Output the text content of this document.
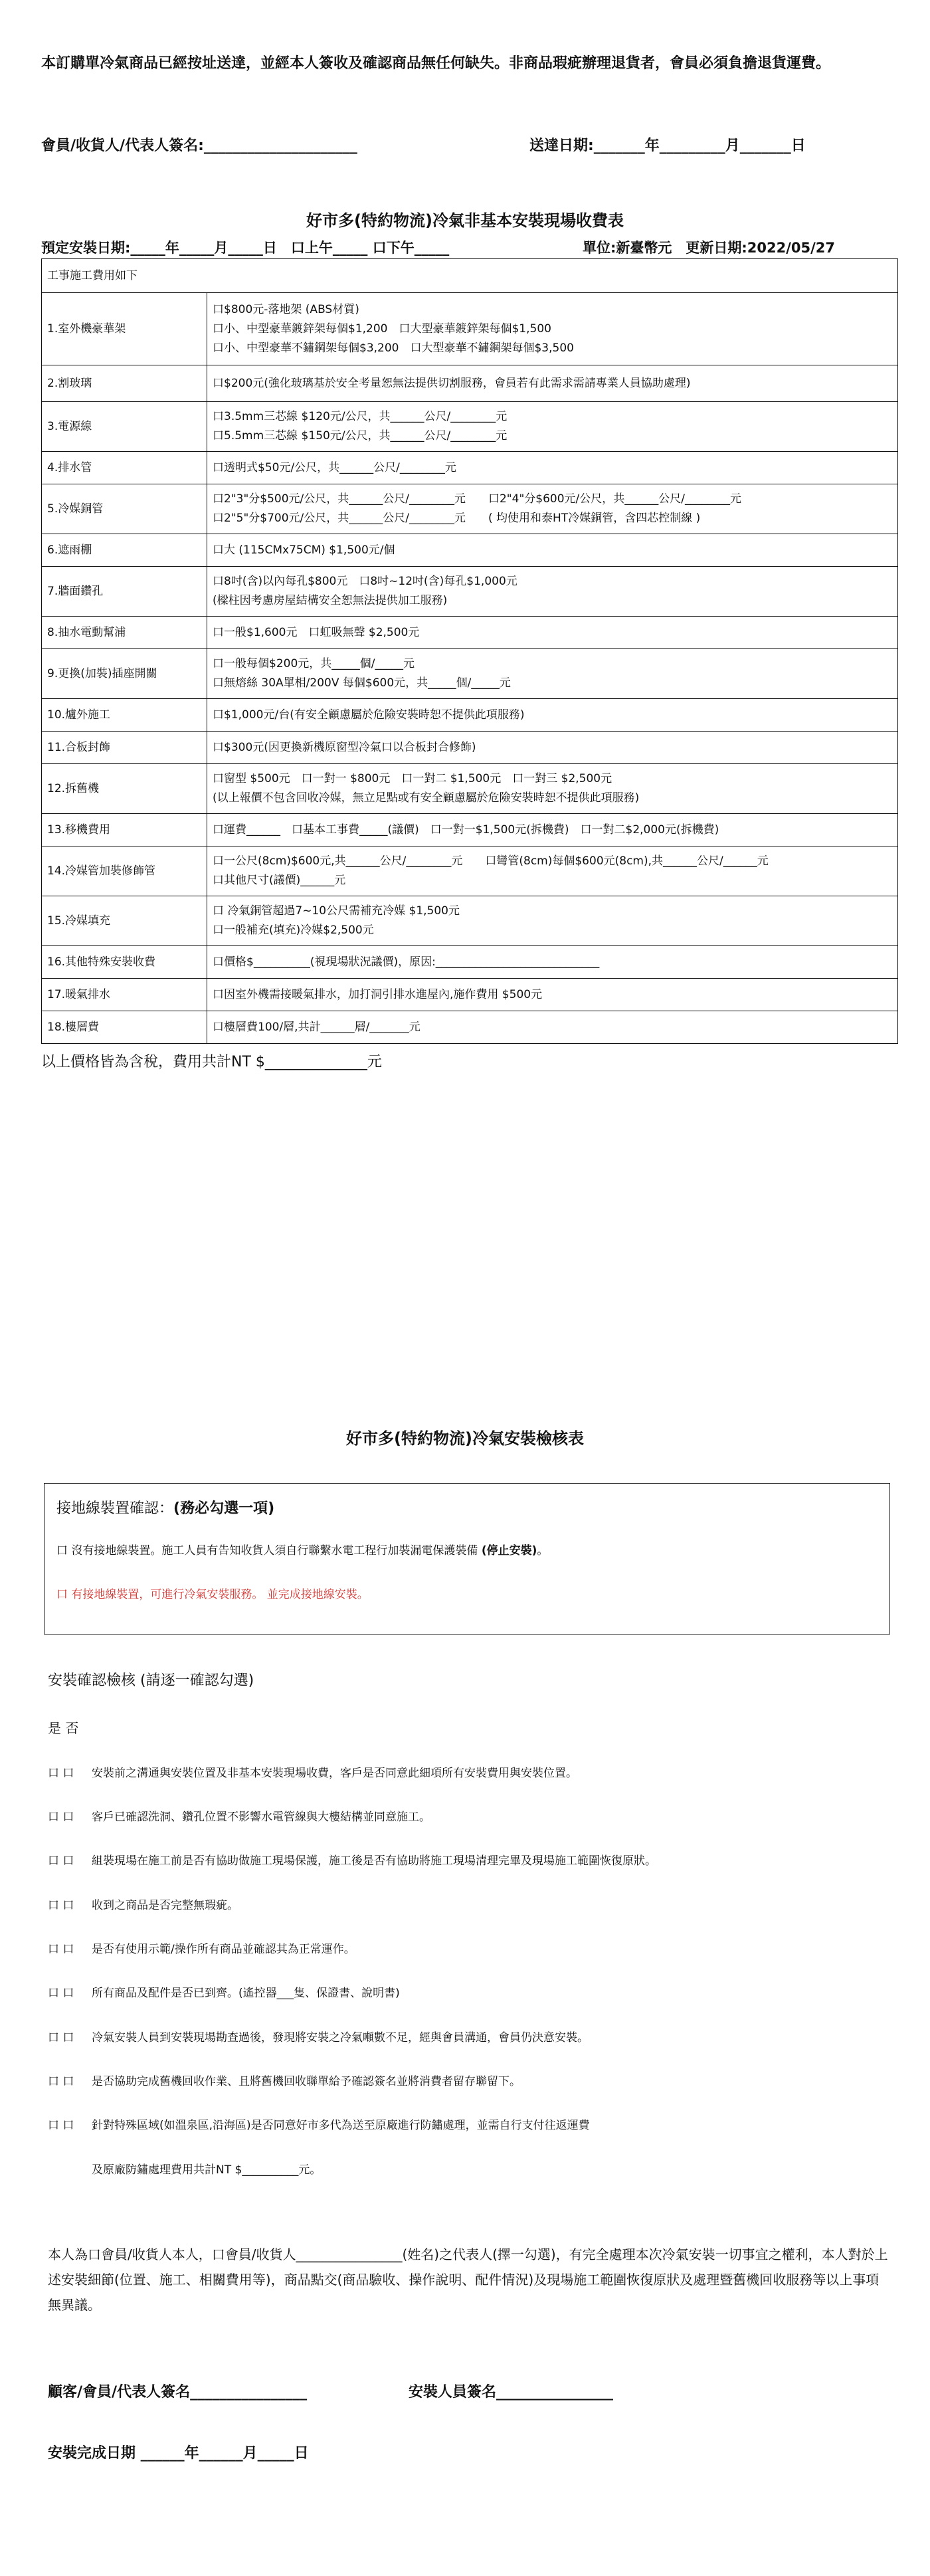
本訂購單冷氣商品已經按址送達，並經本人簽收及確認商品無任何缺失。非商品瑕疵辦理退貨者，會員必須負擔退貨運費。
會員/收貨人/代表人簽名:_____________________	送達日期:_______年_________月_______日
好市多(特約物流)冷氣非基本安裝現場收費表
預定安裝日期:_____年_____月_____日　口上午_____ 口下午_____	單位:新臺幣元　更新日期:2022/05/27
工事施工費用如下	
1.室外機豪華架	口$800元-落地架 (ABS材質)
口小、中型豪華鍍鋅架每個$1,200　口大型豪華鍍鋅架每個$1,500
口小、中型豪華不鏽鋼架每個$3,200　口大型豪華不鏽鋼架每個$3,500

2.割玻璃	口$200元(強化玻璃基於安全考量恕無法提供切割服務，會員若有此需求需請專業人員協助處理)

3.電源線	口3.5mm三芯線 $120元/公尺，共______公尺/________元
口5.5mm三芯線 $150元/公尺，共______公尺/________元

4.排水管	口透明式$50元/公尺，共______公尺/________元

5.冷媒銅管	口2"3"分$500元/公尺，共______公尺/________元　　口2"4"分$600元/公尺，共______公尺/________元
口2"5"分$700元/公尺，共______公尺/________元　　( 均使用和泰HT冷媒銅管，含四芯控制線 )

6.遮雨棚	口大 (115CMx75CM) $1,500元/個

7.牆面鑽孔	口8吋(含)以內每孔$800元　口8吋~12吋(含)每孔$1,000元
(樑柱因考慮房屋結構安全恕無法提供加工服務)

8.抽水電動幫浦	口一般$1,600元　口虹吸無聲 $2,500元

9.更換(加裝)插座開關	口一般每個$200元，共_____個/_____元
口無熔絲 30A單相/200V 每個$600元，共_____個/_____元

10.爐外施工	口$1,000元/台(有安全顧慮屬於危險安裝時恕不提供此項服務)

11.合板封飾	口$300元(因更換新機原窗型冷氣口以合板封合修飾)

12.拆舊機	口窗型 $500元　口一對一 $800元　口一對二 $1,500元　口一對三 $2,500元
(以上報價不包含回收冷媒，無立足點或有安全顧慮屬於危險安裝時恕不提供此項服務)

13.移機費用	口運費______　口基本工事費_____(議價)　口一對一$1,500元(拆機費)　口一對二$2,000元(拆機費)

14.冷媒管加裝修飾管	口一公尺(8cm)$600元,共______公尺/________元　　口彎管(8cm)每個$600元(8cm),共______公尺/______元
口其他尺寸(議價)______元

15.冷媒填充	口 冷氣銅管超過7~10公尺需補充冷媒 $1,500元
口一般補充(填充)冷媒$2,500元

16.其他特殊安裝收費	口價格$__________(視現場狀況議價)，原因:_____________________________

17.暖氣排水	口因室外機需接暖氣排水，加打洞引排水進屋內,施作費用 $500元

18.樓層費	口樓層費100/層,共計______層/_______元
以上價格皆為含稅，費用共計NT $______________元
好市多(特約物流)冷氣安裝檢核表
接地線裝置確認：(務必勾選一項)
口 沒有接地線裝置。施工人員有告知收貨人須自行聯繫水電工程行加裝漏電保護裝備 (停止安裝)。
口 有接地線裝置，可進行冷氣安裝服務。 並完成接地線安裝。
安裝確認檢核 (請逐一確認勾選)
是 否
口 口 安裝前之溝通與安裝位置及非基本安裝現場收費，客戶是否同意此細項所有安裝費用與安裝位置。
口 口 客戶已確認洗洞、鑽孔位置不影響水電管線與大樓結構並同意施工。
口 口 組裝現場在施工前是否有協助做施工現場保護，施工後是否有協助將施工現場清理完畢及現場施工範圍恢復原狀。
口 口 收到之商品是否完整無瑕疵。
口 口 是否有使用示範/操作所有商品並確認其為正常運作。
口 口 所有商品及配件是否已到齊。(遙控器___隻、保證書、說明書)
口 口 冷氣安裝人員到安裝現場勘查過後，發現將安裝之冷氣噸數不足，經與會員溝通，會員仍決意安裝。
口 口 是否協助完成舊機回收作業、且將舊機回收聯單給予確認簽名並將消費者留存聯留下。
口 口 針對特殊區域(如溫泉區,沿海區)是否同意好市多代為送至原廠進行防鏽處理，並需自行支付往返運費
及原廠防鏽處理費用共計NT $__________元。
本人為口會員/收貨人本人，口會員/收貨人________________(姓名)之代表人(擇一勾選)，有完全處理本次冷氣安裝一切事宜之權利，本人對於上述安裝細節(位置、施工、相關費用等)，商品點交(商品驗收、操作說明、配件情況)及現場施工範圍恢復原狀及處理暨舊機回收服務等以上事項無異議。
顧客/會員/代表人簽名________________	安裝人員簽名________________
安裝完成日期 ______年______月_____日
